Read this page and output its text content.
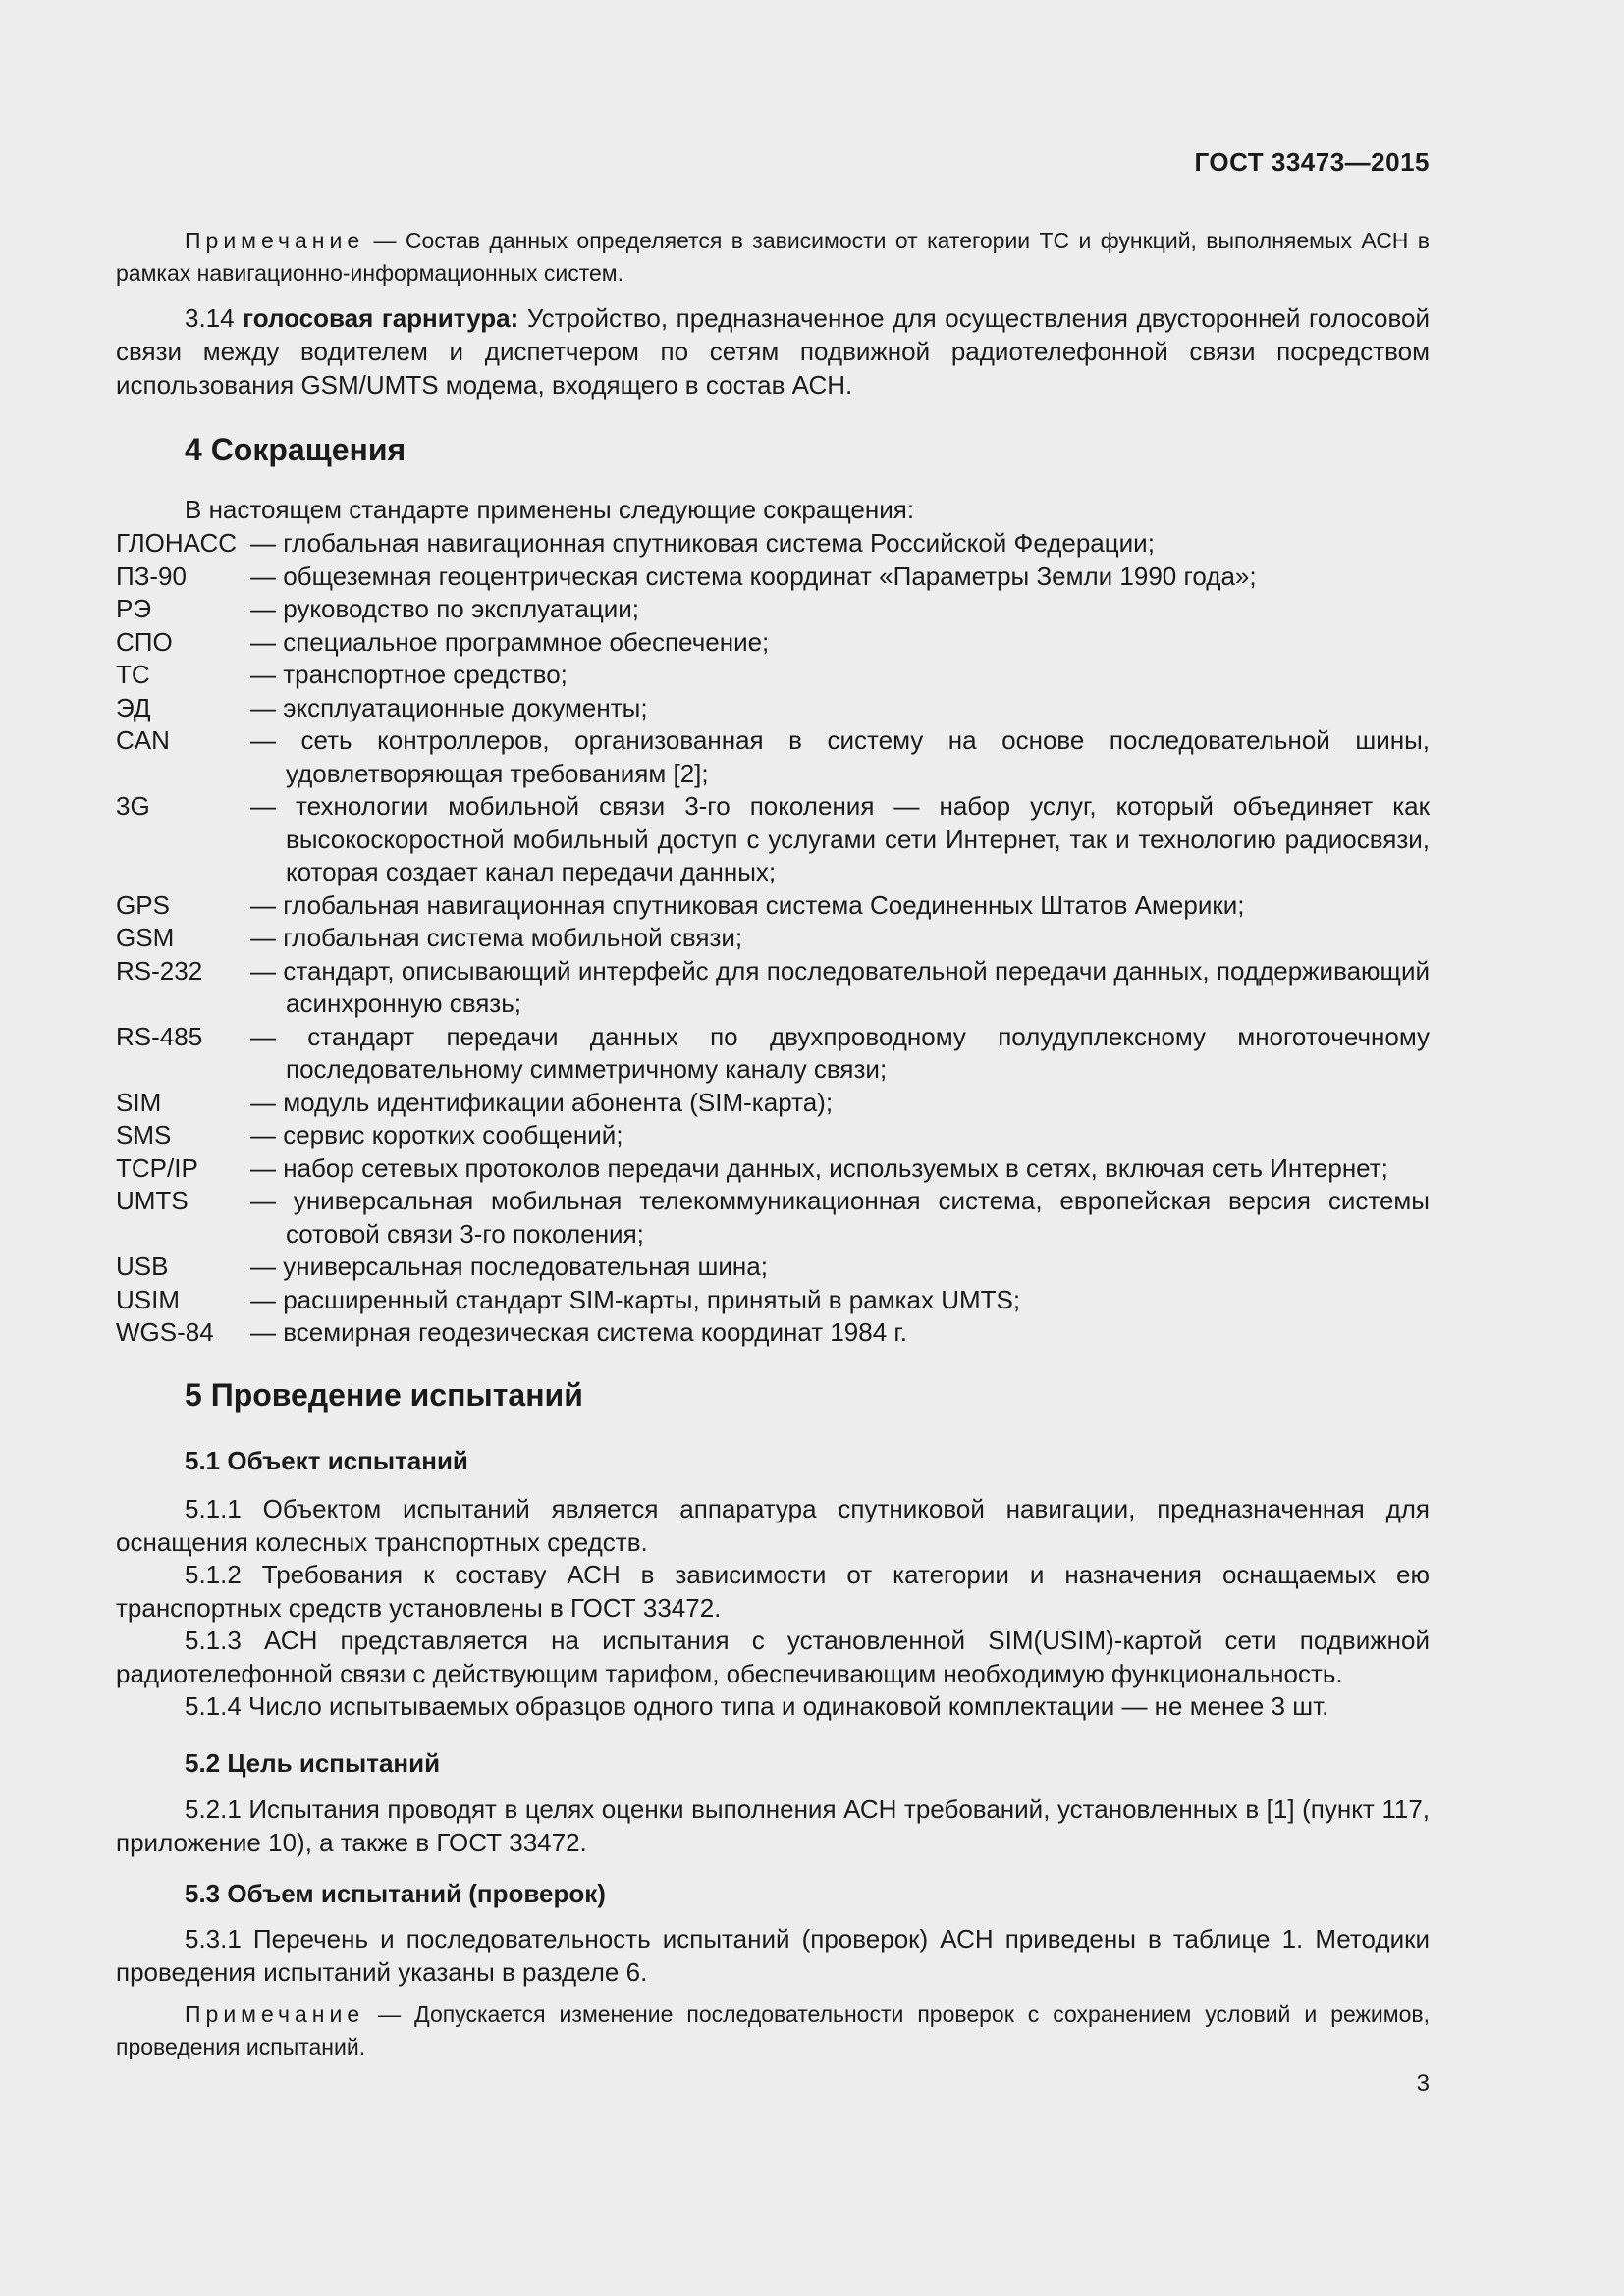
ГОСТ 33473—2015

Примечание — Состав данных определяется в зависимости от категории ТС и функций, выполняемых АСН в рамках навигационно-информационных систем.

3.14 голосовая гарнитура: Устройство, предназначенное для осуществления двусторонней голосовой связи между водителем и диспетчером по сетям подвижной радиотелефонной связи посредством использования GSM/UMTS модема, входящего в состав АСН.

4 Сокращения
В настоящем стандарте применены следующие сокращения:
ГЛОНАСС — глобальная навигационная спутниковая система Российской Федерации;
ПЗ-90	— общеземная геоцентрическая система координат «Параметры Земли 1990 года»;
РЭ	— руководство по эксплуатации;
СПО	— специальное программное обеспечение;
ТС	— транспортное средство;
ЭД	— эксплуатационные документы;
CAN	— сеть контроллеров, организованная в систему на основе последовательной шины, удовлетворяющая требованиям [2];
3G	— технологии мобильной связи 3-го поколения — набор услуг, который объединяет как высокоскоростной мобильный доступ с услугами сети Интернет, так и технологию радиосвязи, которая создает канал передачи данных;
GPS	— глобальная навигационная спутниковая система Соединенных Штатов Америки;
GSM	— глобальная система мобильной связи;
RS-232	— стандарт, описывающий интерфейс для последовательной передачи данных, поддерживающий асинхронную связь;
RS-485	— стандарт передачи данных по двухпроводному полудуплексному многоточечному последовательному симметричному каналу связи;
SIM	— модуль идентификации абонента (SIM-карта);
SMS	— сервис коротких сообщений;
TCP/IP	— набор сетевых протоколов передачи данных, используемых в сетях, включая сеть Интернет;
UMTS	— универсальная мобильная телекоммуникационная система, европейская версия системы сотовой связи 3-го поколения;
USB	— универсальная последовательная шина;
USIM	— расширенный стандарт SIM-карты, принятый в рамках UMTS;
WGS-84	— всемирная геодезическая система координат 1984 г.
5 Проведение испытаний
5.1 Объект испытаний

5.1.1 Объектом испытаний является аппаратура спутниковой навигации, предназначенная для оснащения колесных транспортных средств.

5.1.2 Требования к составу АСН в зависимости от категории и назначения оснащаемых ею транспортных средств установлены в ГОСТ 33472.

5.1.3 АСН представляется на испытания с установленной SIM(USIM)-картой сети подвижной радиотелефонной связи с действующим тарифом, обеспечивающим необходимую функциональность.

5.1.4 Число испытываемых образцов одного типа и одинаковой комплектации — не менее 3 шт.

5.2 Цель испытаний

5.2.1 Испытания проводят в целях оценки выполнения АСН требований, установленных в [1] (пункт 117, приложение 10), а также в ГОСТ 33472.

5.3 Объем испытаний (проверок)

5.3.1 Перечень и последовательность испытаний (проверок) АСН приведены в таблице 1. Методики проведения испытаний указаны в разделе 6.

Примечание — Допускается изменение последовательности проверок с сохранением условий и режимов, проведения испытаний.

3
